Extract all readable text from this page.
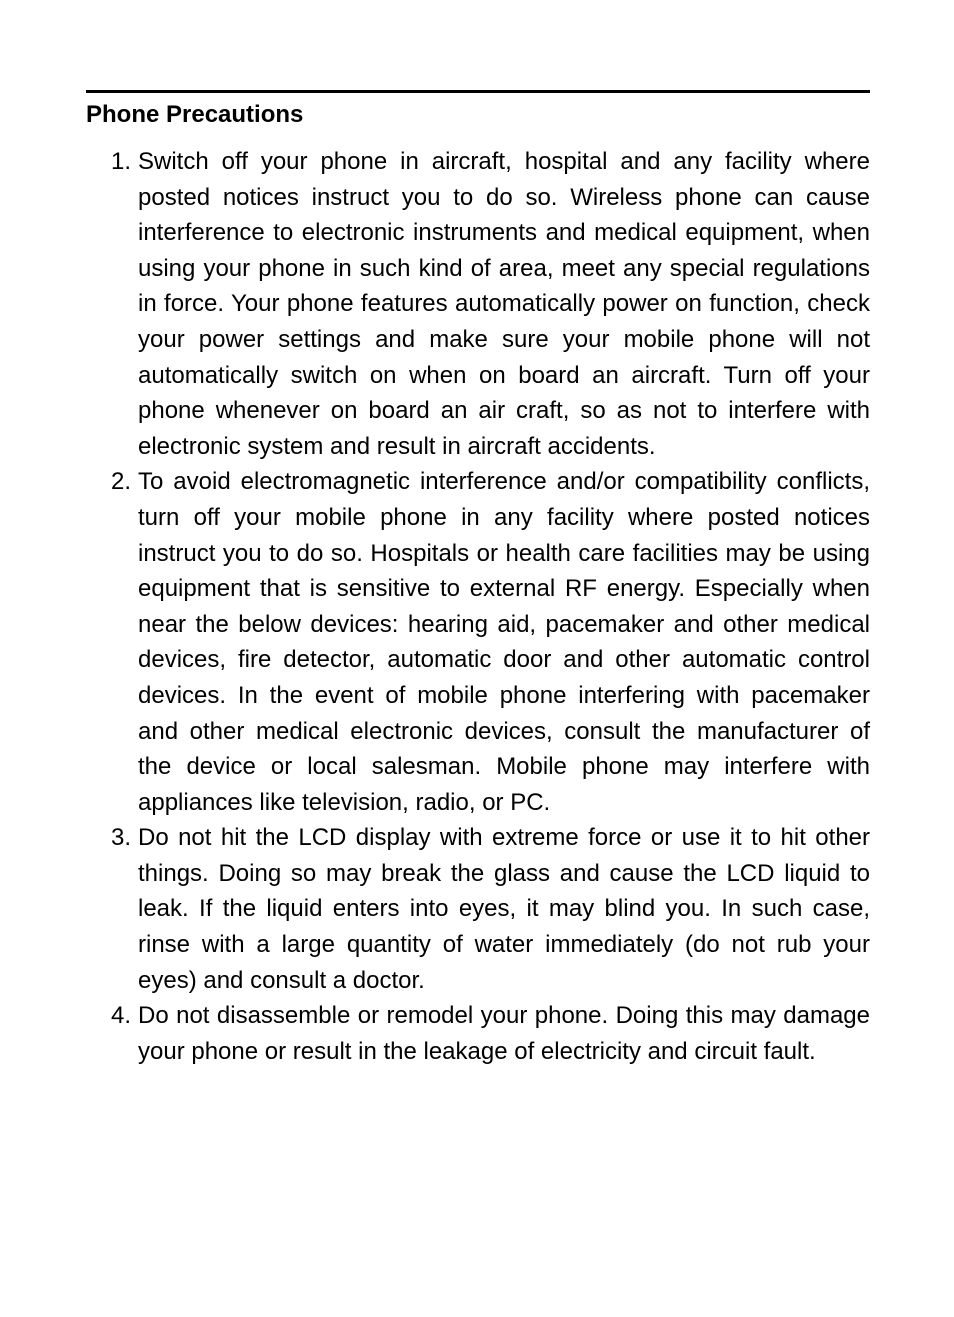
Phone Precautions
1. Switch off your phone in aircraft, hospital and any facility where posted notices instruct you to do so. Wireless phone can cause interference to electronic instruments and medical equipment, when using your phone in such kind of area, meet any special regulations in force. Your phone features automatically power on function, check your power settings and make sure your mobile phone will not automatically switch on when on board an aircraft. Turn off your phone whenever on board an air craft, so as not to interfere with electronic system and result in aircraft accidents.
2. To avoid electromagnetic interference and/or compatibility conflicts, turn off your mobile phone in any facility where posted notices instruct you to do so. Hospitals or health care facilities may be using equipment that is sensitive to external RF energy. Especially when near the below devices: hearing aid, pacemaker and other medical devices, fire detector, automatic door and other automatic control devices. In the event of mobile phone interfering with pacemaker and other medical electronic devices, consult the manufacturer of the device or local salesman. Mobile phone may interfere with appliances like television, radio, or PC.
3. Do not hit the LCD display with extreme force or use it to hit other things. Doing so may break the glass and cause the LCD liquid to leak. If the liquid enters into eyes, it may blind you. In such case, rinse with a large quantity of water immediately (do not rub your eyes) and consult a doctor.
4. Do not disassemble or remodel your phone. Doing this may damage your phone or result in the leakage of electricity and circuit fault.
